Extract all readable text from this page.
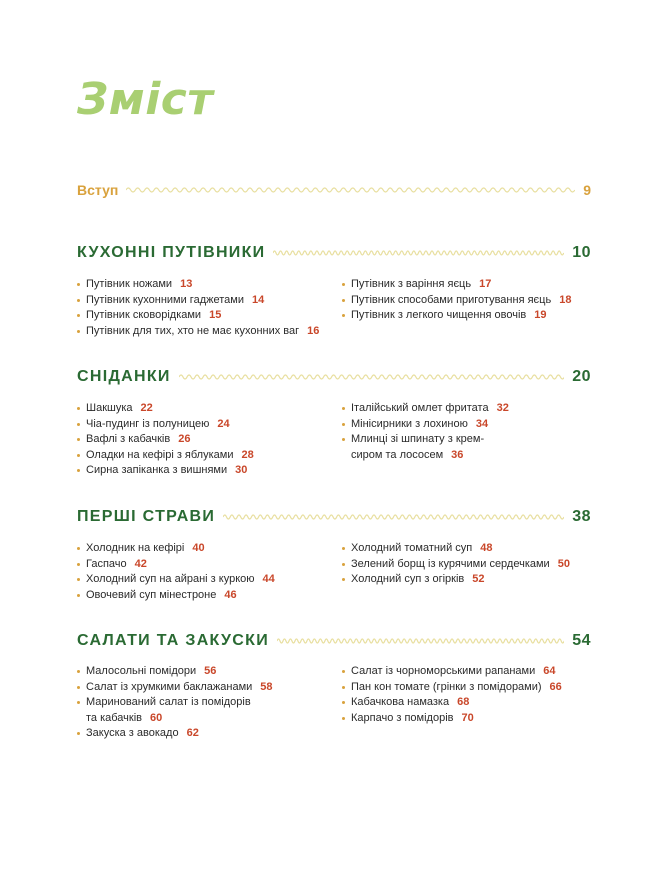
Зміст
Вступ	9
КУХОННІ ПУТІВНИКИ	10
Путівник ножами 13
Путівник кухонними гаджетами 14
Путівник сковорідками 15
Путівник для тих, хто не має кухонних ваг 16
Путівник з варіння яєць 17
Путівник способами приготування яєць 18
Путівник з легкого чищення овочів 19
СНІДАНКИ	20
Шакшука 22
Чіа-пудинг із полуницею 24
Вафлі з кабачків 26
Оладки на кефірі з яблуками 28
Сирна запіканка з вишнями 30
Італійський омлет фритата 32
Мінісирники з лохиною 34
Млинці зі шпинату з крем-
сиром та лососем 36
ПЕРШІ СТРАВИ	38
Холодник на кефірі 40
Гаспачо 42
Холодний суп на айрані з куркою 44
Овочевий суп мінестроне 46
Холодний томатний суп 48
Зелений борщ із курячими сердечками 50
Холодний суп з огірків 52
САЛАТИ ТА ЗАКУСКИ	54
Малосольні помідори 56
Салат із хрумкими баклажанами 58
Маринований салат із помідорів
та кабачків 60
Закуска з авокадо 62
Салат із чорноморськими рапанами 64
Пан кон томате (грінки з помідорами) 66
Кабачкова намазка 68
Карпачо з помідорів 70
